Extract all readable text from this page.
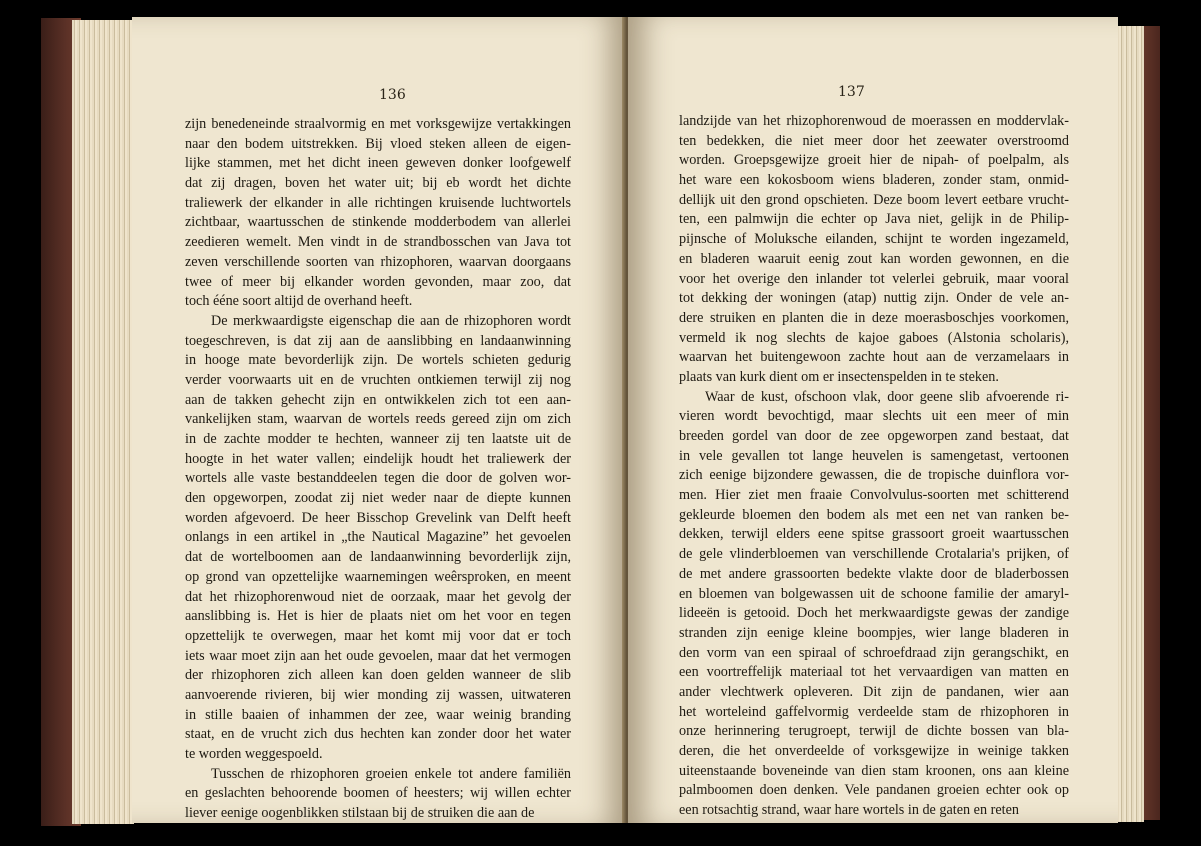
136
zijn benedeneinde straalvormig en met vorksgewijze vertakkingen
naar den bodem uitstrekken. Bij vloed steken alleen de eigen-
lijke stammen, met het dicht ineen geweven donker loofgewelf
dat zij dragen, boven het water uit; bij eb wordt het dichte
traliewerk der elkander in alle richtingen kruisende luchtwortels
zichtbaar, waartusschen de stinkende modderbodem van allerlei
zeedieren wemelt. Men vindt in de strandbosschen van Java tot
zeven verschillende soorten van rhizophoren, waarvan doorgaans
twee of meer bij elkander worden gevonden, maar zoo, dat
toch ééne soort altijd de overhand heeft.
De merkwaardigste eigenschap die aan de rhizophoren wordt
toegeschreven, is dat zij aan de aanslibbing en landaanwinning
in hooge mate bevorderlijk zijn. De wortels schieten gedurig
verder voorwaarts uit en de vruchten ontkiemen terwijl zij nog
aan de takken gehecht zijn en ontwikkelen zich tot een aan-
vankelijken stam, waarvan de wortels reeds gereed zijn om zich
in de zachte modder te hechten, wanneer zij ten laatste uit de
hoogte in het water vallen; eindelijk houdt het traliewerk der
wortels alle vaste bestanddeelen tegen die door de golven wor-
den opgeworpen, zoodat zij niet weder naar de diepte kunnen
worden afgevoerd. De heer Bisschop Grevelink van Delft heeft
onlangs in een artikel in „the Nautical Magazine” het gevoelen
dat de wortelboomen aan de landaanwinning bevorderlijk zijn,
op grond van opzettelijke waarnemingen weêrsproken, en meent
dat het rhizophorenwoud niet de oorzaak, maar het gevolg der
aanslibbing is. Het is hier de plaats niet om het voor en tegen
opzettelijk te overwegen, maar het komt mij voor dat er toch
iets waar moet zijn aan het oude gevoelen, maar dat het vermogen
der rhizophoren zich alleen kan doen gelden wanneer de slib
aanvoerende rivieren, bij wier monding zij wassen, uitwateren
in stille baaien of inhammen der zee, waar weinig branding
staat, en de vrucht zich dus hechten kan zonder door het water
te worden weggespoeld.
Tusschen de rhizophoren groeien enkele tot andere familiën
en geslachten behoorende boomen of heesters; wij willen echter
liever eenige oogenblikken stilstaan bij de struiken die aan de
137
landzijde van het rhizophorenwoud de moerassen en moddervlak-
ten bedekken, die niet meer door het zeewater overstroomd
worden. Groepsgewijze groeit hier de nipah- of poelpalm, als
het ware een kokosboom wiens bladeren, zonder stam, onmid-
dellijk uit den grond opschieten. Deze boom levert eetbare vrucht-
ten, een palmwijn die echter op Java niet, gelijk in de Philip-
pijnsche of Moluksche eilanden, schijnt te worden ingezameld,
en bladeren waaruit eenig zout kan worden gewonnen, en die
voor het overige den inlander tot velerlei gebruik, maar vooral
tot dekking der woningen (atap) nuttig zijn. Onder de vele an-
dere struiken en planten die in deze moerasboschjes voorkomen,
vermeld ik nog slechts de kajoe gaboes (Alstonia scholaris),
waarvan het buitengewoon zachte hout aan de verzamelaars in
plaats van kurk dient om er insectenspelden in te steken.
Waar de kust, ofschoon vlak, door geene slib afvoerende ri-
vieren wordt bevochtigd, maar slechts uit een meer of min
breeden gordel van door de zee opgeworpen zand bestaat, dat
in vele gevallen tot lange heuvelen is samengetast, vertoonen
zich eenige bijzondere gewassen, die de tropische duinflora vor-
men. Hier ziet men fraaie Convolvulus-soorten met schitterend
gekleurde bloemen den bodem als met een net van ranken be-
dekken, terwijl elders eene spitse grassoort groeit waartusschen
de gele vlinderbloemen van verschillende Crotalaria's prijken, of
de met andere grassoorten bedekte vlakte door de bladerbossen
en bloemen van bolgewassen uit de schoone familie der amaryl-
lideeën is getooid. Doch het merkwaardigste gewas der zandige
stranden zijn eenige kleine boompjes, wier lange bladeren in
den vorm van een spiraal of schroefdraad zijn gerangschikt, en
een voortreffelijk materiaal tot het vervaardigen van matten en
ander vlechtwerk opleveren. Dit zijn de pandanen, wier aan
het worteleind gaffelvormig verdeelde stam de rhizophoren in
onze herinnering terugroept, terwijl de dichte bossen van bla-
deren, die het onverdeelde of vorksgewijze in weinige takken
uiteenstaande boveneinde van dien stam kroonen, ons aan kleine
palmboomen doen denken. Vele pandanen groeien echter ook op
een rotsachtig strand, waar hare wortels in de gaten en reten
